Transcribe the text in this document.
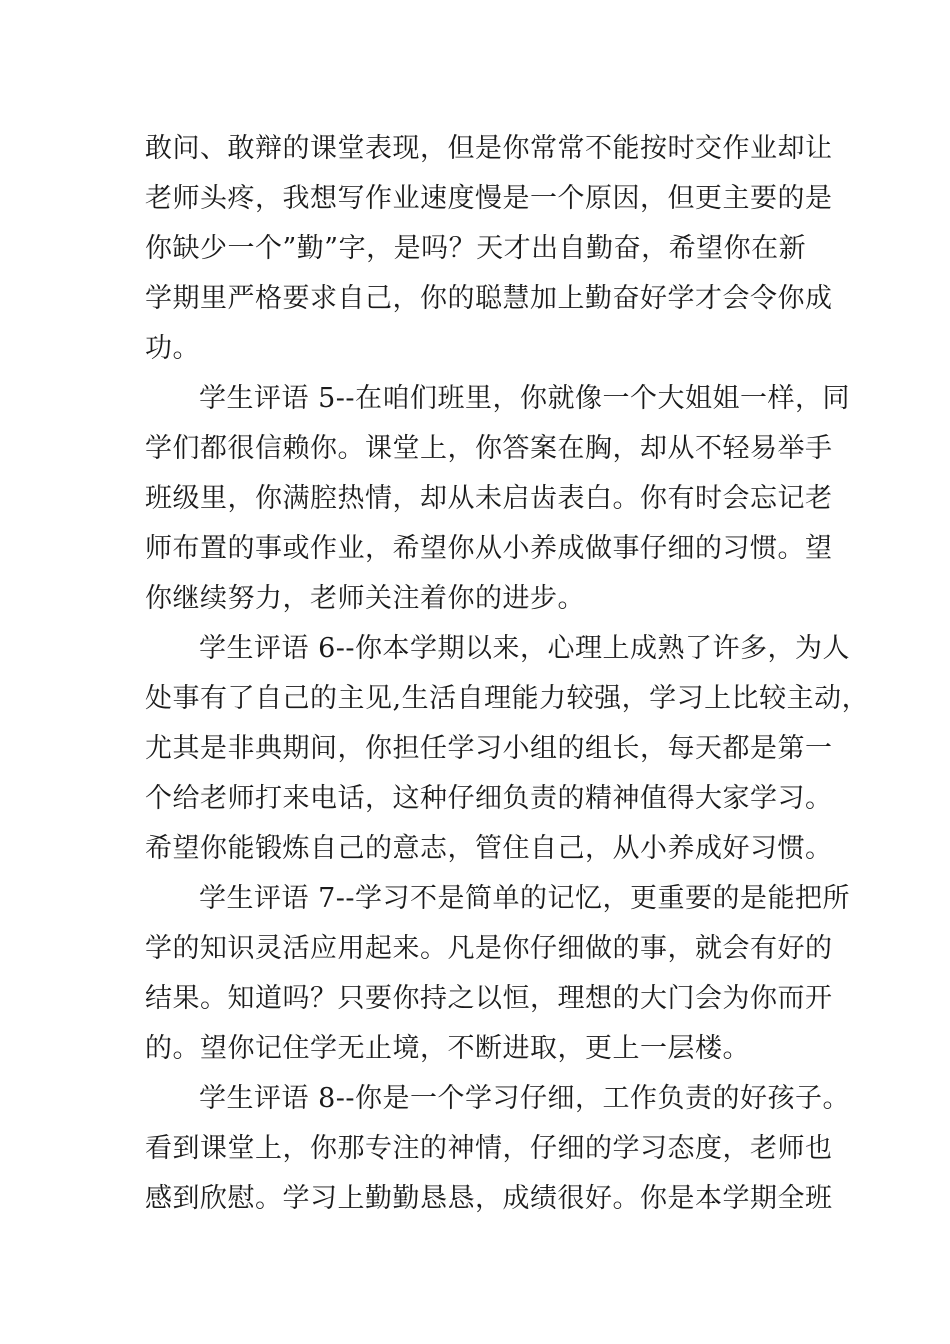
敢问、敢辩的课堂表现，但是你常常不能按时交作业却让
老师头疼，我想写作业速度慢是一个原因，但更主要的是
你缺少一个”勤”字，是吗？天才出自勤奋，希望你在新
学期里严格要求自己，你的聪慧加上勤奋好学才会令你成
功。
学生评语 5--在咱们班里，你就像一个大姐姐一样，同
学们都很信赖你。课堂上，你答案在胸，却从不轻易举手
班级里，你满腔热情，却从未启齿表白。你有时会忘记老
师布置的事或作业，希望你从小养成做事仔细的习惯。望
你继续努力，老师关注着你的进步。
学生评语 6--你本学期以来，心理上成熟了许多，为人
处事有了自己的主见,生活自理能力较强，学习上比较主动，
尤其是非典期间，你担任学习小组的组长，每天都是第一
个给老师打来电话，这种仔细负责的精神值得大家学习。
希望你能锻炼自己的意志，管住自己，从小养成好习惯。
学生评语 7--学习不是简单的记忆，更重要的是能把所
学的知识灵活应用起来。凡是你仔细做的事，就会有好的
结果。知道吗？只要你持之以恒，理想的大门会为你而开
的。望你记住学无止境，不断进取，更上一层楼。
学生评语 8--你是一个学习仔细，工作负责的好孩子。
看到课堂上，你那专注的神情，仔细的学习态度，老师也
感到欣慰。学习上勤勤恳恳，成绩很好。你是本学期全班
